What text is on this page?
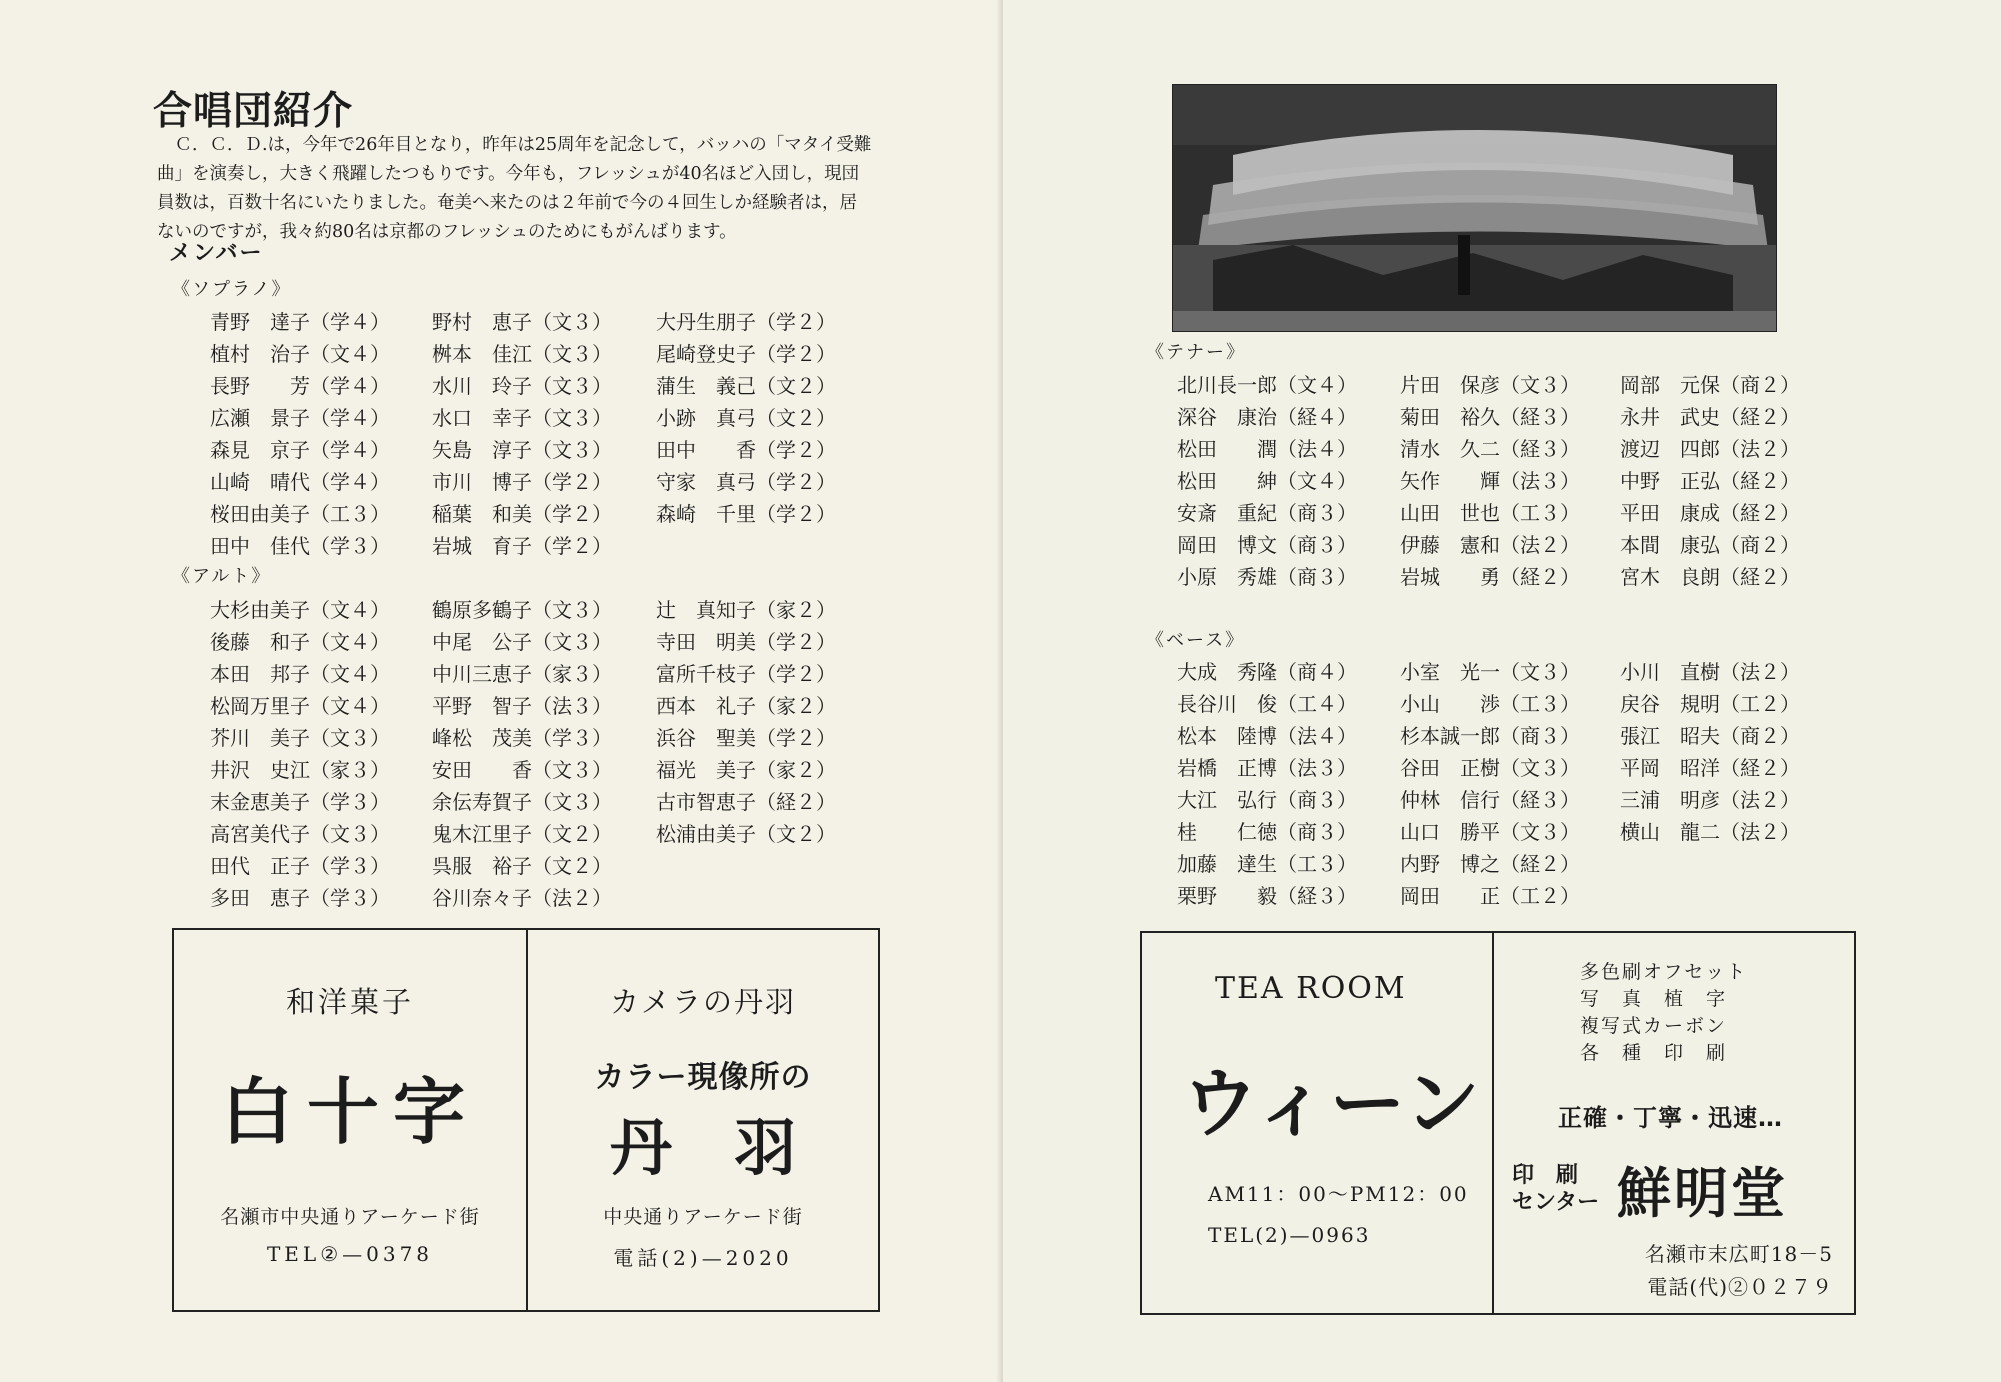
合唱団紹介

Ｃ．Ｃ．Ｄ.は，今年で26年目となり，昨年は25周年を記念して，バッハの「マタイ受難

曲」を演奏し，大きく飛躍したつもりです。今年も，フレッシュが40名ほど入団し，現団

員数は，百数十名にいたりました。奄美へ来たのは２年前で今の４回生しか経験者は，居

ないのですが，我々約80名は京都のフレッシュのためにもがんばります。

メンバー
《ソプラノ》
青野　達子（学４）
植村　治子（文４）
長野　　芳（学４）
広瀬　景子（学４）
森見　京子（学４）
山崎　晴代（学４）
桜田由美子（工３）
田中　佳代（学３）
野村　恵子（文３）
桝本　佳江（文３）
水川　玲子（文３）
水口　幸子（文３）
矢島　淳子（文３）
市川　博子（学２）
稲葉　和美（学２）
岩城　育子（学２）
大丹生朋子（学２）
尾崎登史子（学２）
蒲生　義己（文２）
小跡　真弓（文２）
田中　　香（学２）
守家　真弓（学２）
森崎　千里（学２）
《アルト》
大杉由美子（文４）
後藤　和子（文４）
本田　邦子（文４）
松岡万里子（文４）
芥川　美子（文３）
井沢　史江（家３）
末金恵美子（学３）
高宮美代子（文３）
田代　正子（学３）
多田　恵子（学３）
鶴原多鶴子（文３）
中尾　公子（文３）
中川三恵子（家３）
平野　智子（法３）
峰松　茂美（学３）
安田　　香（文３）
余伝寿賀子（文３）
鬼木江里子（文２）
呉服　裕子（文２）
谷川奈々子（法２）
辻　真知子（家２）
寺田　明美（学２）
富所千枝子（学２）
西本　礼子（家２）
浜谷　聖美（学２）
福光　美子（家２）
古市智恵子（経２）
松浦由美子（文２）
和洋菓子
白十字
名瀬市中央通りアーケード街
TEL②—0378
カメラの丹羽
カラー現像所の
丹　羽
中央通りアーケード街
電話(2)—2020
《テナー》
北川長一郎（文４）
深谷　康治（経４）
松田　　潤（法４）
松田　　紳（文４）
安斎　重紀（商３）
岡田　博文（商３）
小原　秀雄（商３）
片田　保彦（文３）
菊田　裕久（経３）
清水　久二（経３）
矢作　　輝（法３）
山田　世也（工３）
伊藤　憲和（法２）
岩城　　勇（経２）
岡部　元保（商２）
永井　武史（経２）
渡辺　四郎（法２）
中野　正弘（経２）
平田　康成（経２）
本間　康弘（商２）
宮木　良朗（経２）
《ベース》
大成　秀隆（商４）
長谷川　俊（工４）
松本　陸博（法４）
岩橋　正博（法３）
大江　弘行（商３）
桂　　仁徳（商３）
加藤　達生（工３）
栗野　　毅（経３）
小室　光一（文３）
小山　　渉（工３）
杉本誠一郎（商３）
谷田　正樹（文３）
仲林　信行（経３）
山口　勝平（文３）
内野　博之（経２）
岡田　　正（工２）
小川　直樹（法２）
戻谷　規明（工２）
張江　昭夫（商２）
平岡　昭洋（経２）
三浦　明彦（法２）
横山　龍二（法２）
TEA ROOM
ウィーン
AM11：00～PM12：00
TEL(2)—0963
多色刷オフセット
写　真　植　字
複写式カーボン
各　種　印　刷
正確・丁寧・迅速…
印　刷
センター 鮮明堂
名瀬市末広町18－5
電話(代)②０２７９
